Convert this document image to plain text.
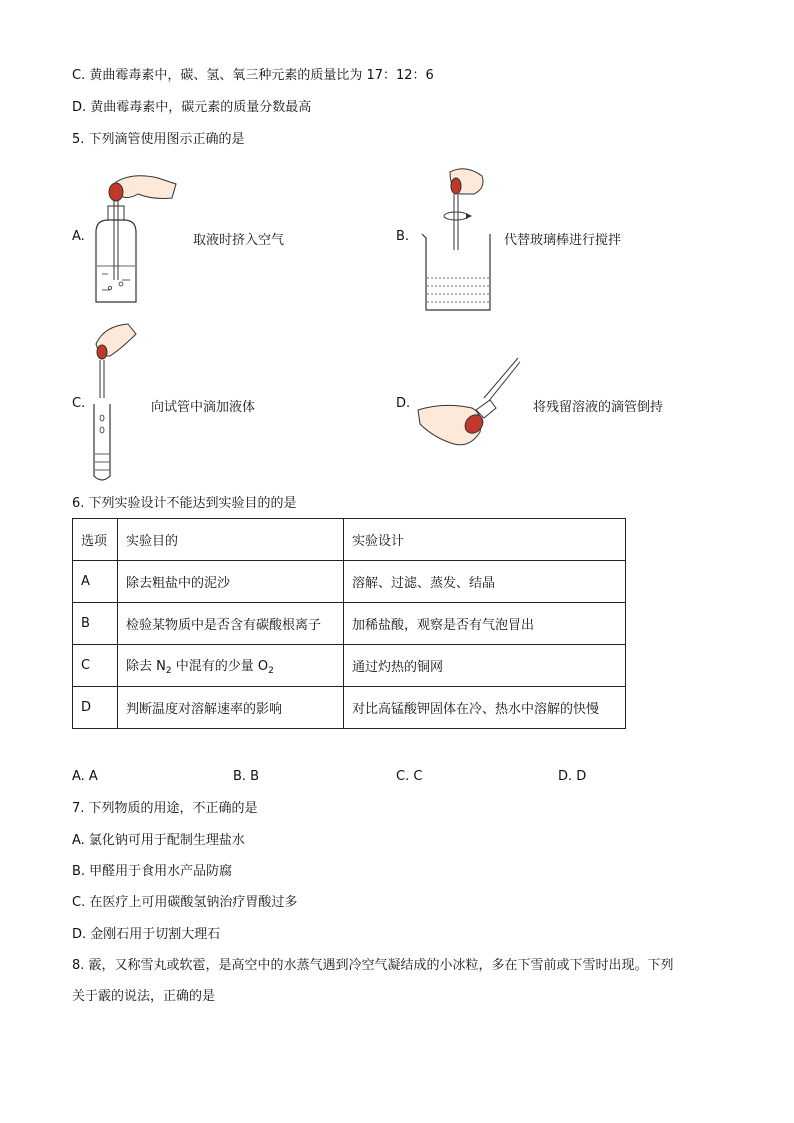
C. 黄曲霉毒素中，碳、氢、氧三种元素的质量比为 17：12：6
D. 黄曲霉毒素中，碳元素的质量分数最高
5. 下列滴管使用图示正确的是
A.	取液时挤入空气	B.	代替玻璃棒进行搅拌
C.	向试管中滴加液体	D.	将残留溶液的滴管倒持
6. 下列实验设计不能达到实验目的的是
选项	实验目的	实验设计
A	除去粗盐中的泥沙	溶解、过滤、蒸发、结晶
B	检验某物质中是否含有碳酸根离子	加稀盐酸，观察是否有气泡冒出
C	除去 $N_2$ 中混有的少量 $O_2$	通过灼热的铜网
D	判断温度对溶解速率的影响	对比高锰酸钾固体在冷、热水中溶解的快慢
A. A	B. B	C. C	D. D
7. 下列物质的用途，不正确的是
A. 氯化钠可用于配制生理盐水
B. 甲醛用于食用水产品防腐
C. 在医疗上可用碳酸氢钠治疗胃酸过多
D. 金刚石用于切割大理石
8. 霰，又称雪丸或软雹，是高空中的水蒸气遇到冷空气凝结成的小冰粒，多在下雪前或下雪时出现。下列
关于霰的说法，正确的是
